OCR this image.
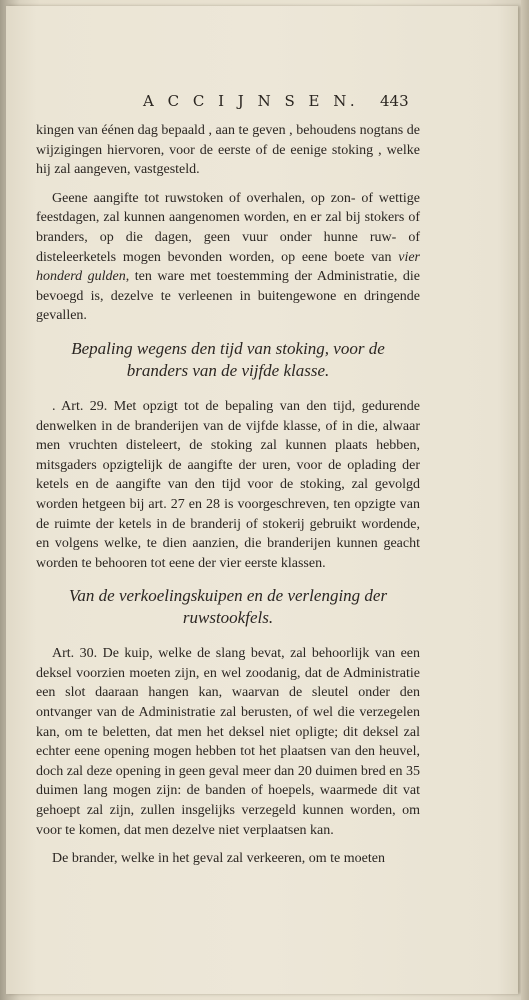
A C C I J N S E N. 443

kingen van éénen dag bepaald , aan te geven , behoudens nogtans de wijzigingen hiervoren, voor de eerste of de eenige stoking , welke hij zal aangeven, vastgesteld.

Geene aangifte tot ruwstoken of overhalen, op zon- of wettige feestdagen, zal kunnen aangenomen worden, en er zal bij stokers of branders, op die dagen, geen vuur onder hunne ruw- of disteleerketels mogen bevonden worden, op eene boete van vier honderd gulden, ten ware met toestemming der Administratie, die bevoegd is, dezelve te verleenen in buitengewone en dringende gevallen.

Bepaling wegens den tijd van stoking, voor de
branders van de vijfde klasse.

. Art. 29. Met opzigt tot de bepaling van den tijd, gedurende denwelken in de branderijen van de vijfde klasse, of in die, alwaar men vruchten disteleert, de stoking zal kunnen plaats hebben, mitsgaders opzigtelijk de aangifte der uren, voor de oplading der ketels en de aangifte van den tijd voor de stoking, zal gevolgd worden hetgeen bij art. 27 en 28 is voorgeschreven, ten opzigte van de ruimte der ketels in de branderij of stokerij gebruikt wordende, en volgens welke, te dien aanzien, die branderijen kunnen geacht worden te behooren tot eene der vier eerste klassen.

Van de verkoelingskuipen en de verlenging der
ruwstookfels.

Art. 30. De kuip, welke de slang bevat, zal behoorlijk van een deksel voorzien moeten zijn, en wel zoodanig, dat de Administratie een slot daaraan hangen kan, waarvan de sleutel onder den ontvanger van de Administratie zal berusten, of wel die verzegelen kan, om te beletten, dat men het deksel niet opligte; dit deksel zal echter eene opening mogen hebben tot het plaatsen van den heuvel, doch zal deze opening in geen geval meer dan 20 duimen bred en 35 duimen lang mogen zijn: de banden of hoepels, waarmede dit vat gehoept zal zijn, zullen insgelijks verzegeld kunnen worden, om voor te komen, dat men dezelve niet verplaatsen kan.

De brander, welke in het geval zal verkeeren, om te moeten
